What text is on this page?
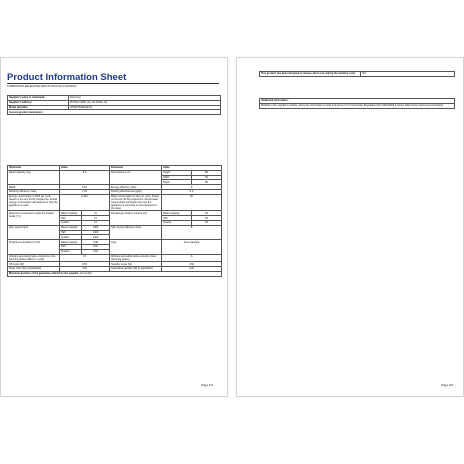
Product Information Sheet
COMMISSION DELEGATED REGULATION (EU) 2019/2014
Supplier's name or trademark:	Samsung
Supplier's address:	PO Box 12987 n/a, n/a Dublin, IE
Model identifier:	WW90T534DAE/S1
General product parameters:	
Parameter	Value		Parameter	Value	
Rated capacity (kg)	9.0		Dimensions in cm	Height	85
				Width	60
				Depth	55
EEIW	51.9		Energy efficiency class	A	
Washing efficiency index	1.03		Rinsing effectiveness (g/kg)	5.0	
Energy consumption in kWh per cycle, based on the eco 40-60 programme. Actual energy consumption will depend on how the appliance is used.	0.494		Water consumption in litre per cycle, based on the eco 40-60 programme. Actual water consumption will depend on how the appliance is used and on the hardness of the water	50	
Maximum temperature inside the treated textile (°C)	Rated capacity	31	Remaining moisture content (%)	Rated capacity	53
	Half	27		Half	53
	Quarter	21		Quarter	53
Spin speed (rpm)	Rated capacity	1400	Spin-drying efficiency class	B	
	Half	1400			
	Quarter	1400			
Programme duration (h:min)	Rated capacity	3:48	Type	Free-standing	
	Half	2:54			
	Quarter	2:54			
Airborne acoustical noise emissions in the spinning phase (dB(A) re 1 pW)	72		Airborne acoustical noise emission class (spinning phase)	A	
Off-mode (W)	0.50		Standby mode (W)	0.50	
Delay start (W) (if applicable)	4.00		Networked standby (W) (if applicable)	2.00	
Minimum duration of the guarantee offered by the supplier: 24 months					
Page 1/2
This product has been designed to release silver ions during the washing cycle	NO
Additional information:
Weblink to the supplier's website, where the information in point 9 of Annex II to Commission Regulation (EU) 2019/2023 is found: https://www.samsung.com/support
Page 2/2
